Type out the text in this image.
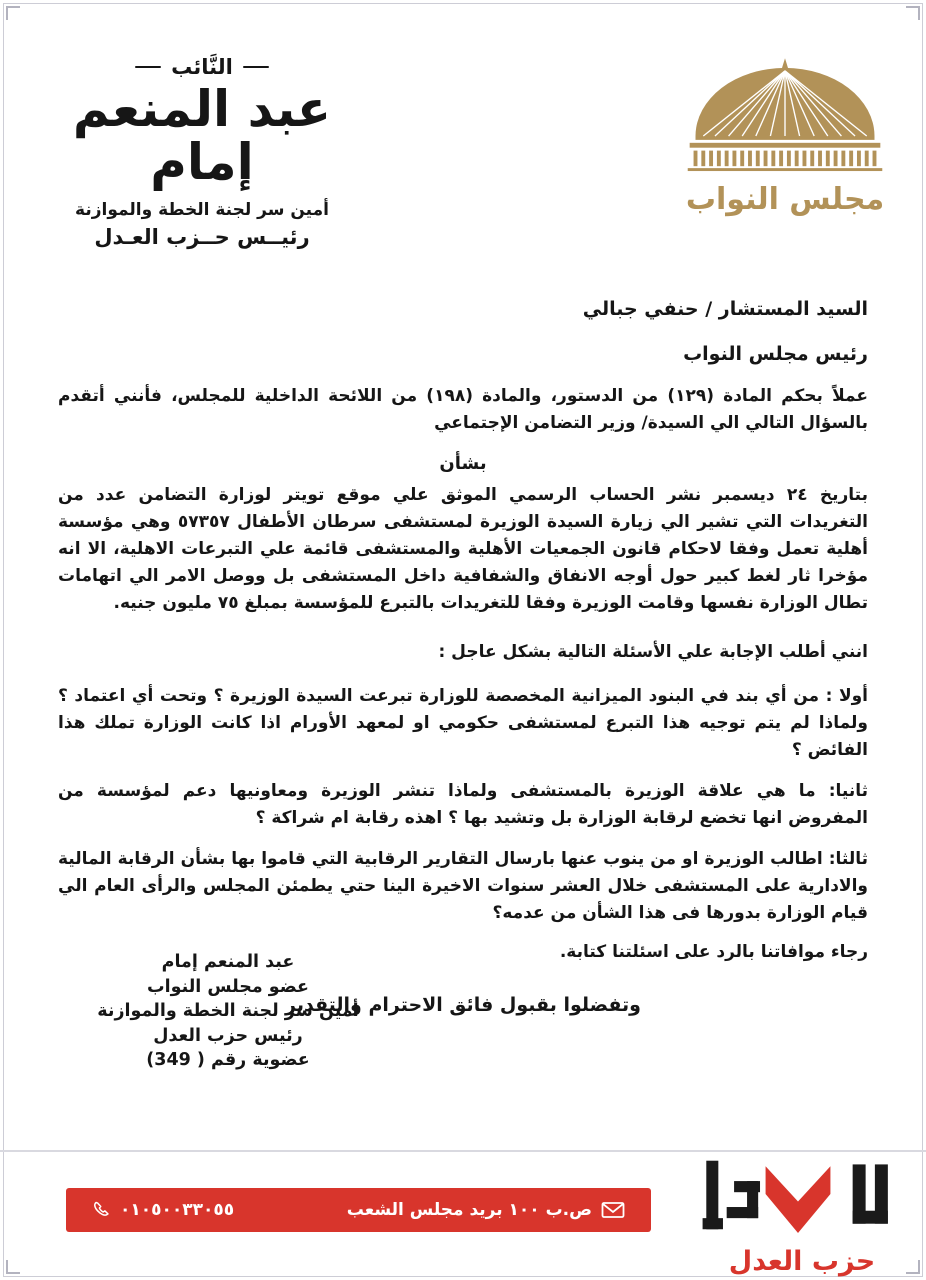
النَّائب
عبد المنعم إمام
أمين سر لجنة الخطة والموازنة
رئيــس حــزب العـدل
مجلس النواب
السيد المستشار / حنفي جبالي
رئيس مجلس النواب
عملاً بحكم المادة (١٢٩) من الدستور، والمادة (١٩٨) من اللائحة الداخلية للمجلس، فأنني أتقدم بالسؤال التالي الي السيدة/ وزير التضامن الإجتماعي
بشأن
بتاريخ ٢٤ ديسمبر نشر الحساب الرسمي الموثق علي موقع تويتر لوزارة التضامن عدد من التغريدات التي تشير الي زيارة السيدة الوزيرة لمستشفى سرطان الأطفال ٥٧٣٥٧ وهي مؤسسة أهلية تعمل وفقا لاحكام قانون الجمعيات الأهلية والمستشفى قائمة علي التبرعات الاهلية، الا انه مؤخرا ثار لغط كبير حول أوجه الانفاق والشفافية داخل المستشفى بل ووصل الامر الي اتهامات تطال الوزارة نفسها وقامت الوزيرة وفقا للتغريدات بالتبرع للمؤسسة بمبلغ ٧٥ مليون جنيه.
انني أطلب الإجابة علي الأسئلة التالية بشكل عاجل :
أولا : من أي بند في البنود الميزانية المخصصة للوزارة تبرعت السيدة الوزيرة ؟ وتحت أي اعتماد ؟ ولماذا لم يتم توجيه هذا التبرع لمستشفى حكومي او لمعهد الأورام اذا كانت الوزارة تملك هذا الفائض ؟
ثانيا: ما هي علاقة الوزيرة بالمستشفى ولماذا تنشر الوزيرة ومعاونيها دعم لمؤسسة من المفروض انها تخضع لرقابة الوزارة بل وتشيد بها ؟ اهذه رقابة ام شراكة ؟
ثالثا: اطالب الوزيرة او من ينوب عنها بارسال التقارير الرقابية التي قاموا بها بشأن الرقابة المالية والادارية على المستشفى خلال العشر سنوات الاخيرة الينا حتي يطمئن المجلس والرأى العام الي قيام الوزارة بدورها فى هذا الشأن من عدمه؟
رجاء موافاتنا بالرد على اسئلتنا كتابة.
وتفضلوا بقبول فائق الاحترام والتقدير
عبد المنعم إمام
عضو مجلس النواب
أمين سر لجنة الخطة والموازنة
رئيس حزب العدل
عضوية رقم ( 349)
ص.ب ١٠٠ بريد مجلس الشعب
٠١٠٥٠٠٣٣٠٥٥
حزب العدل
